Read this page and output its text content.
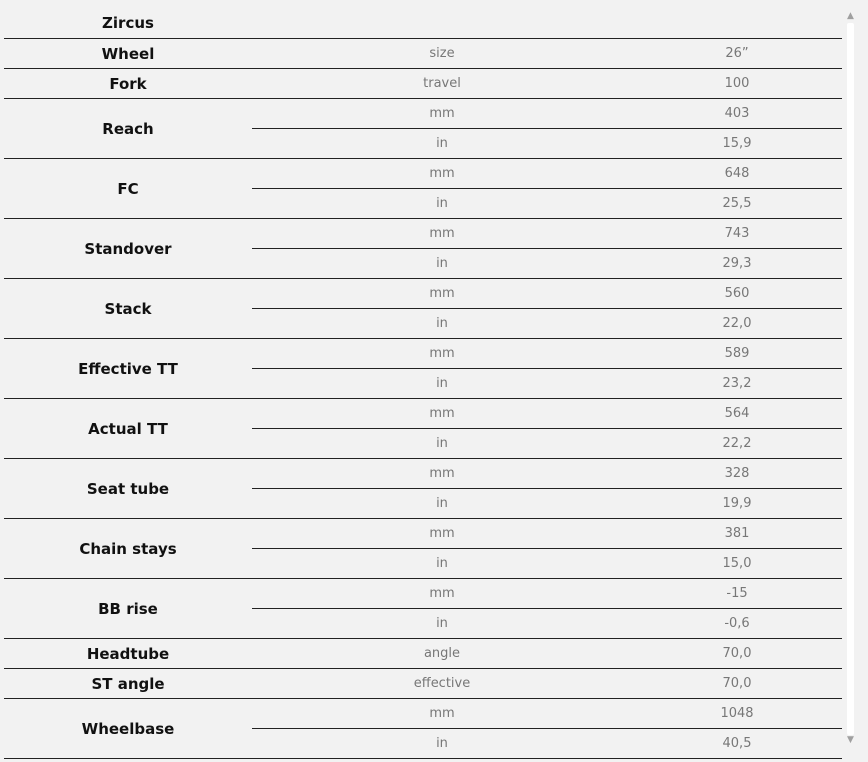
Zircus		
Wheel	size	26”
Fork	travel	100
Reach	mm	403
	in	15,9
FC	mm	648
	in	25,5
Standover	mm	743
	in	29,3
Stack	mm	560
	in	22,0
Effective TT	mm	589
	in	23,2
Actual TT	mm	564
	in	22,2
Seat tube	mm	328
	in	19,9
Chain stays	mm	381
	in	15,0
BB rise	mm	-15
	in	-0,6
Headtube	angle	70,0
ST angle	effective	70,0
Wheelbase	mm	1048
	in	40,5
▲
▼
